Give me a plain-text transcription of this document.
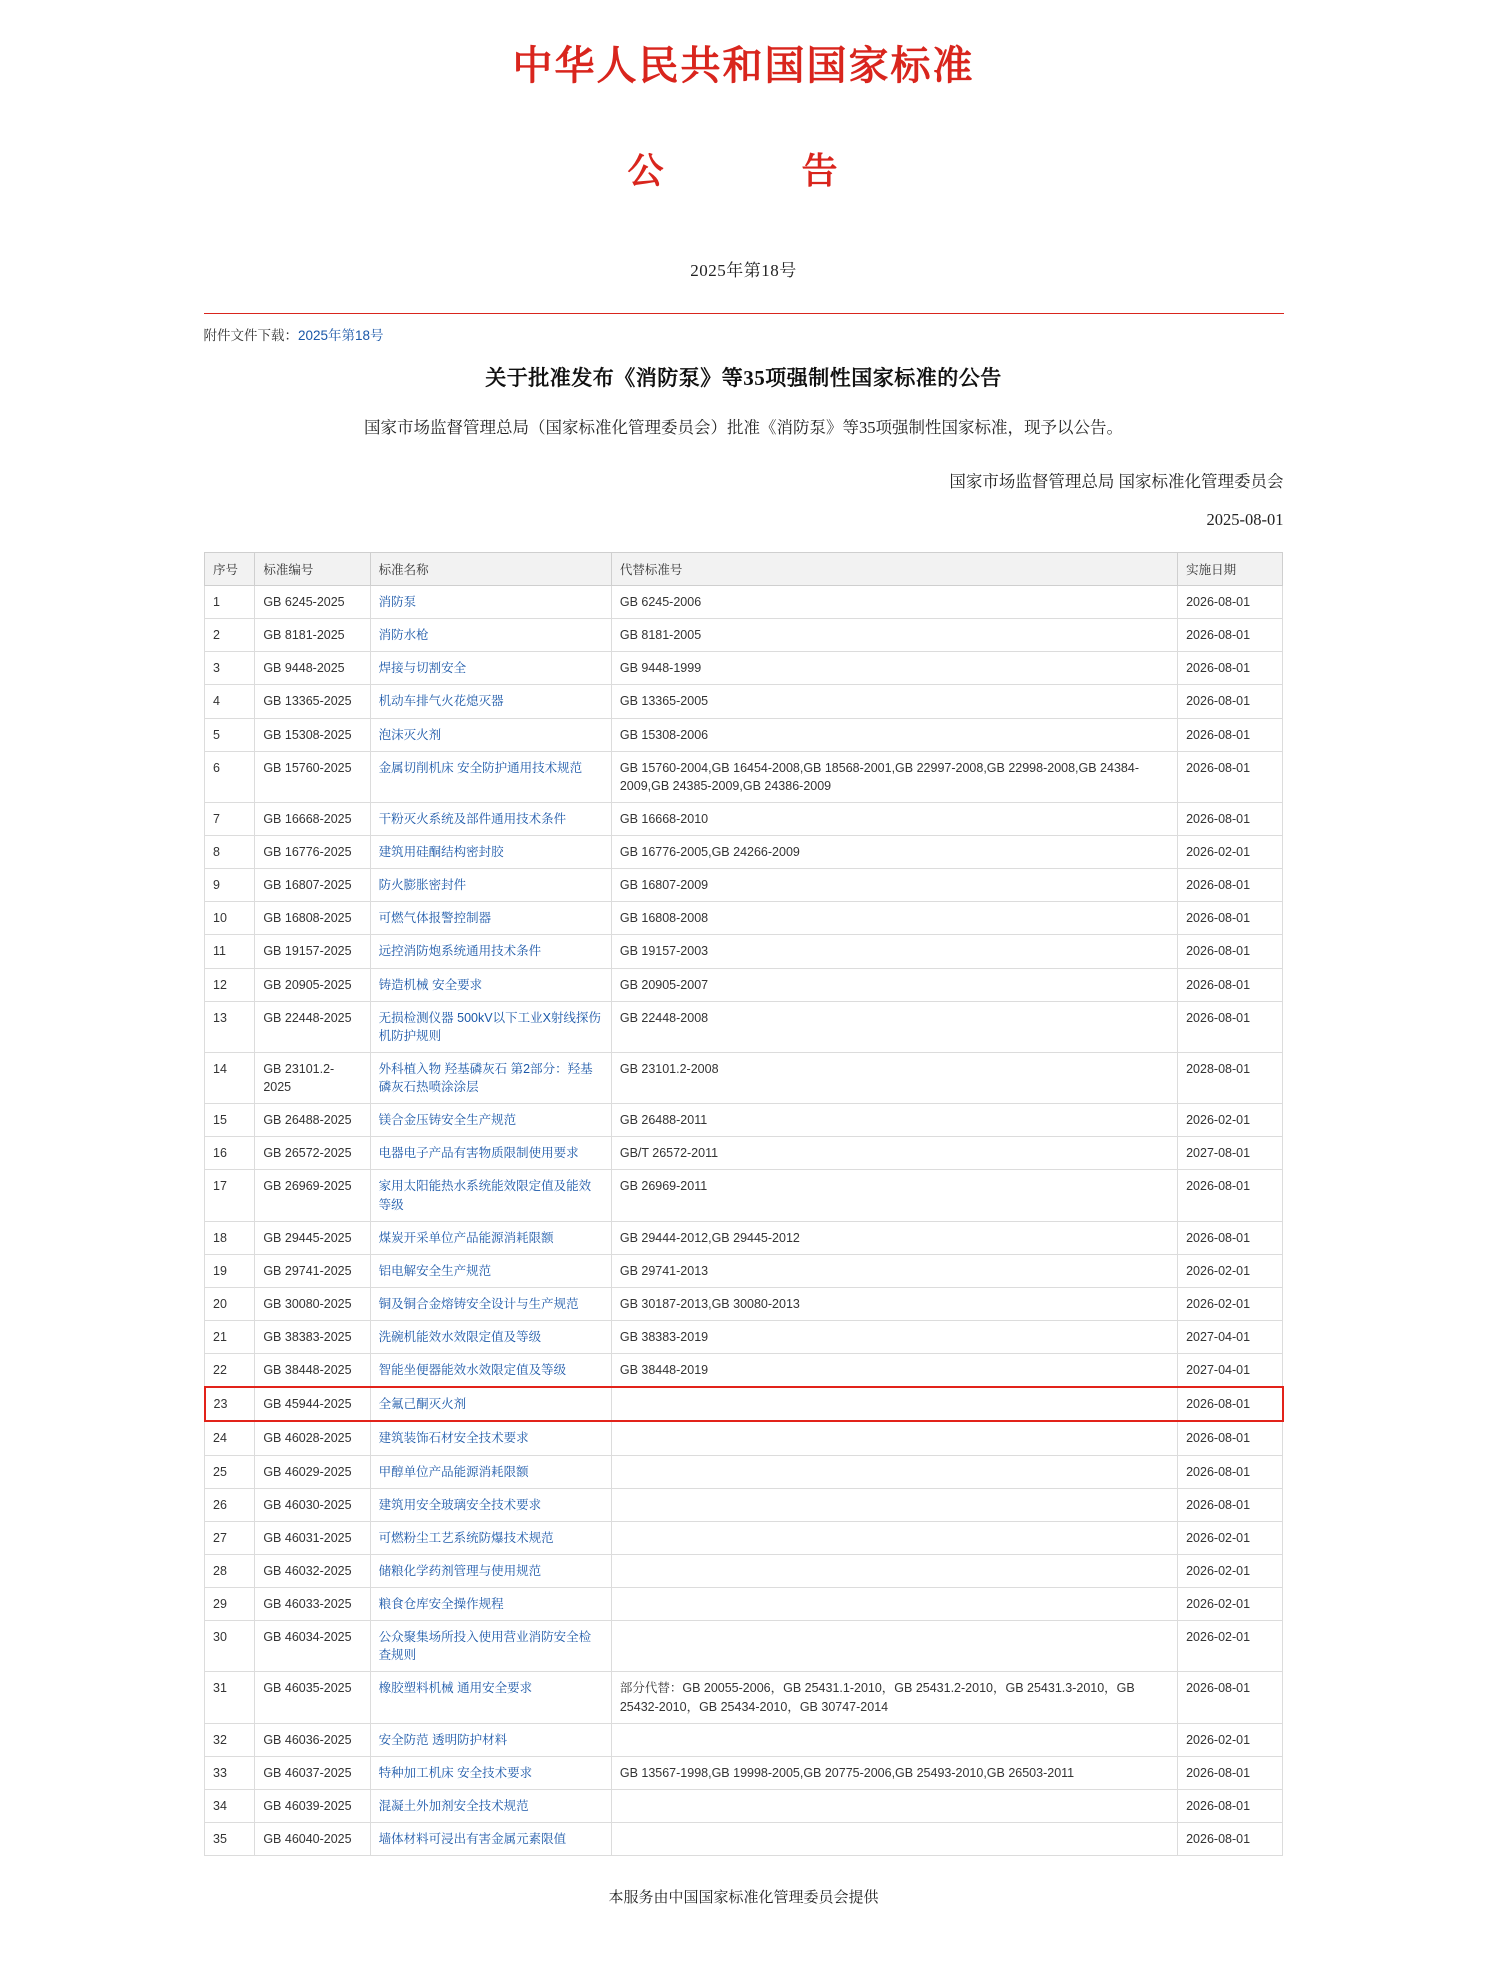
中华人民共和国国家标准
公　　告
2025年第18号
附件文件下载：2025年第18号
关于批准发布《消防泵》等35项强制性国家标准的公告
国家市场监督管理总局（国家标准化管理委员会）批准《消防泵》等35项强制性国家标准，现予以公告。
国家市场监督管理总局 国家标准化管理委员会
2025-08-01
序号	标准编号	标准名称	代替标准号	实施日期
1	GB 6245-2025	消防泵	GB 6245-2006	2026-08-01
2	GB 8181-2025	消防水枪	GB 8181-2005	2026-08-01
3	GB 9448-2025	焊接与切割安全	GB 9448-1999	2026-08-01
4	GB 13365-2025	机动车排气火花熄灭器	GB 13365-2005	2026-08-01
5	GB 15308-2025	泡沫灭火剂	GB 15308-2006	2026-08-01
6	GB 15760-2025	金属切削机床 安全防护通用技术规范	GB 15760-2004,GB 16454-2008,GB 18568-2001,GB 22997-2008,GB 22998-2008,GB 24384-2009,GB 24385-2009,GB 24386-2009	2026-08-01
7	GB 16668-2025	干粉灭火系统及部件通用技术条件	GB 16668-2010	2026-08-01
8	GB 16776-2025	建筑用硅酮结构密封胶	GB 16776-2005,GB 24266-2009	2026-02-01
9	GB 16807-2025	防火膨胀密封件	GB 16807-2009	2026-08-01
10	GB 16808-2025	可燃气体报警控制器	GB 16808-2008	2026-08-01
11	GB 19157-2025	远控消防炮系统通用技术条件	GB 19157-2003	2026-08-01
12	GB 20905-2025	铸造机械 安全要求	GB 20905-2007	2026-08-01
13	GB 22448-2025	无损检测仪器 500kV以下工业X射线探伤机防护规则	GB 22448-2008	2026-08-01
14	GB 23101.2-2025	外科植入物 羟基磷灰石 第2部分：羟基磷灰石热喷涂涂层	GB 23101.2-2008	2028-08-01
15	GB 26488-2025	镁合金压铸安全生产规范	GB 26488-2011	2026-02-01
16	GB 26572-2025	电器电子产品有害物质限制使用要求	GB/T 26572-2011	2027-08-01
17	GB 26969-2025	家用太阳能热水系统能效限定值及能效等级	GB 26969-2011	2026-08-01
18	GB 29445-2025	煤炭开采单位产品能源消耗限额	GB 29444-2012,GB 29445-2012	2026-08-01
19	GB 29741-2025	铝电解安全生产规范	GB 29741-2013	2026-02-01
20	GB 30080-2025	铜及铜合金熔铸安全设计与生产规范	GB 30187-2013,GB 30080-2013	2026-02-01
21	GB 38383-2025	洗碗机能效水效限定值及等级	GB 38383-2019	2027-04-01
22	GB 38448-2025	智能坐便器能效水效限定值及等级	GB 38448-2019	2027-04-01
23	GB 45944-2025	全氟己酮灭火剂		2026-08-01
24	GB 46028-2025	建筑装饰石材安全技术要求		2026-08-01
25	GB 46029-2025	甲醇单位产品能源消耗限额		2026-08-01
26	GB 46030-2025	建筑用安全玻璃安全技术要求		2026-08-01
27	GB 46031-2025	可燃粉尘工艺系统防爆技术规范		2026-02-01
28	GB 46032-2025	储粮化学药剂管理与使用规范		2026-02-01
29	GB 46033-2025	粮食仓库安全操作规程		2026-02-01
30	GB 46034-2025	公众聚集场所投入使用营业消防安全检查规则		2026-02-01
31	GB 46035-2025	橡胶塑料机械 通用安全要求	部分代替：GB 20055-2006，GB 25431.1-2010，GB 25431.2-2010，GB 25431.3-2010，GB 25432-2010，GB 25434-2010，GB 30747-2014	2026-08-01
32	GB 46036-2025	安全防范 透明防护材料		2026-02-01
33	GB 46037-2025	特种加工机床 安全技术要求	GB 13567-1998,GB 19998-2005,GB 20775-2006,GB 25493-2010,GB 26503-2011	2026-08-01
34	GB 46039-2025	混凝土外加剂安全技术规范		2026-08-01
35	GB 46040-2025	墙体材料可浸出有害金属元素限值		2026-08-01
本服务由中国国家标准化管理委员会提供
